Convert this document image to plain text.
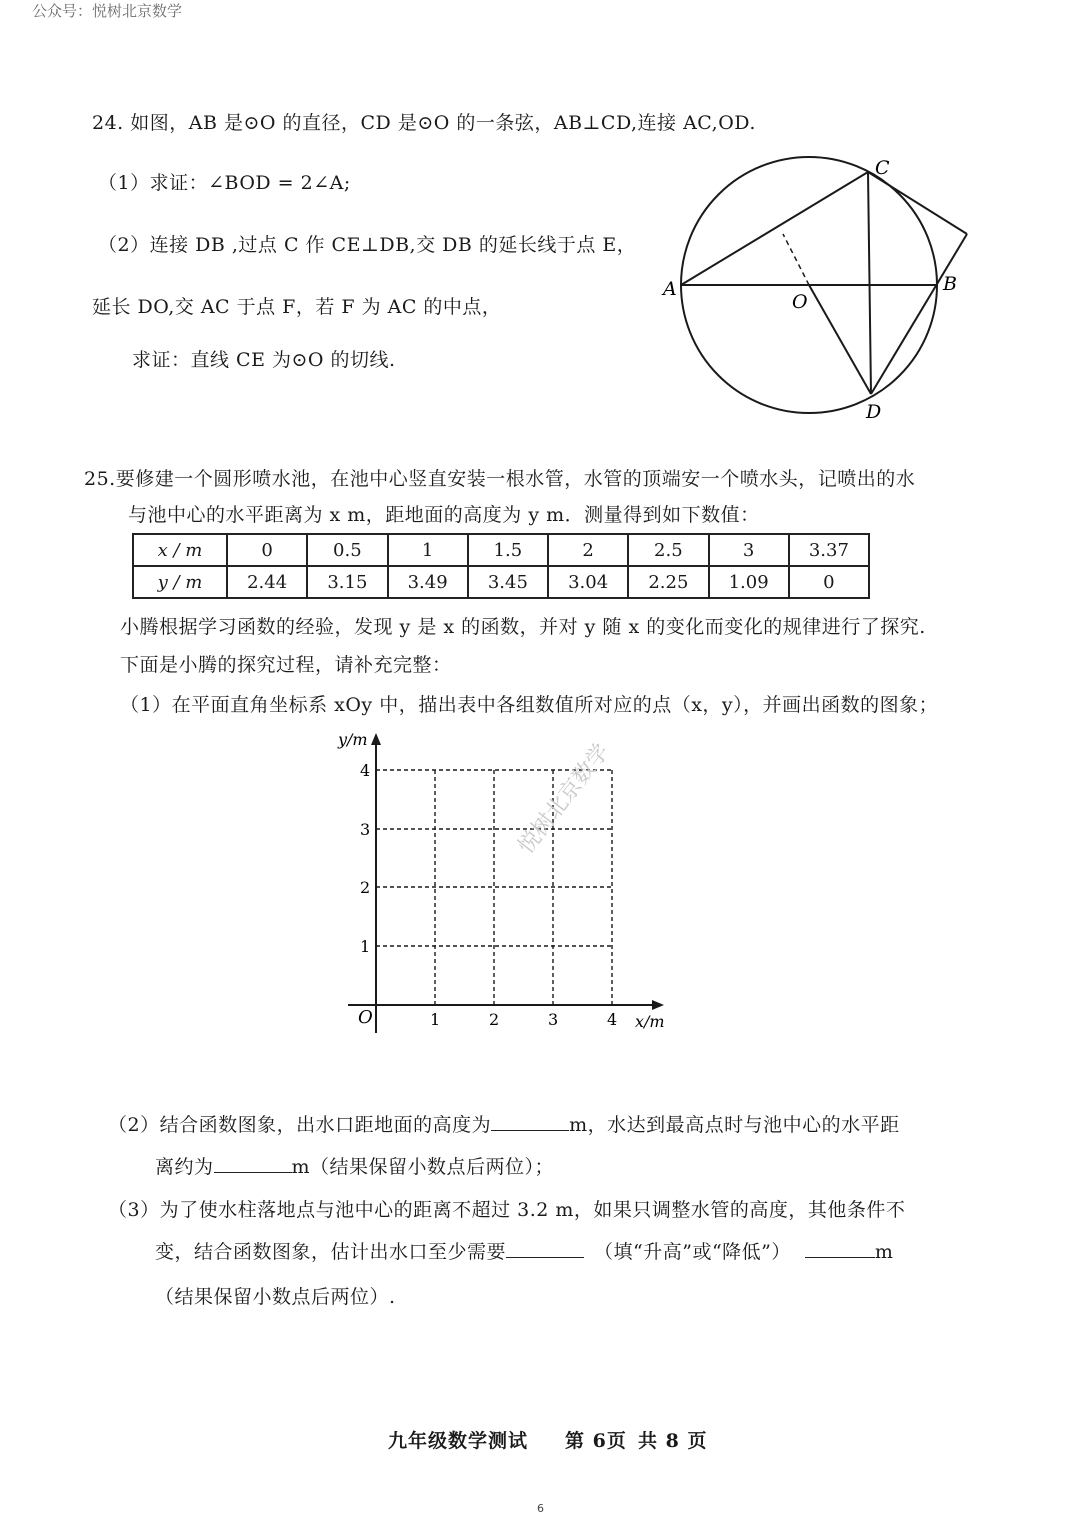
公众号：悦树北京数学
24. 如图，AB 是⊙O 的直径，CD 是⊙O 的一条弦，AB⊥CD,连接 AC,OD.
（1）求证：∠BOD = 2∠A;
（2）连接 DB ,过点 C 作 CE⊥DB,交 DB 的延长线于点 E，
延长 DO,交 AC 于点 F，若 F 为 AC 的中点，
求证：直线 CE 为⊙O 的切线.
A	B
C
D
O
25.要修建一个圆形喷水池，在池中心竖直安装一根水管，水管的顶端安一个喷水头，记喷出的水
与池中心的水平距离为 x m，距地面的高度为 y m．测量得到如下数值：
x / m	0	0.5	1	1.5	2	2.5	3	3.37
y / m	2.44	3.15	3.49	3.45	3.04	2.25	1.09	0
小腾根据学习函数的经验，发现 y 是 x 的函数，并对 y 随 x 的变化而变化的规律进行了探究.
下面是小腾的探究过程，请补充完整：
（1）在平面直角坐标系 xOy 中，描出表中各组数值所对应的点（x，y），并画出函数的图象；
y/m
x/m
O
4
3
2
1
1	2	3	4
悦树北京数学
（2）结合函数图象，出水口距地面的高度为	m，水达到最高点时与池中心的水平距
离约为	m（结果保留小数点后两位）；
（3）为了使水柱落地点与池中心的距离不超过 3.2 m，如果只调整水管的高度，其他条件不
变，结合函数图象，估计出水口至少需要	（填“升高”或“降低”）	m
（结果保留小数点后两位）.
九年级数学测试 第 6页 共 8 页
6
